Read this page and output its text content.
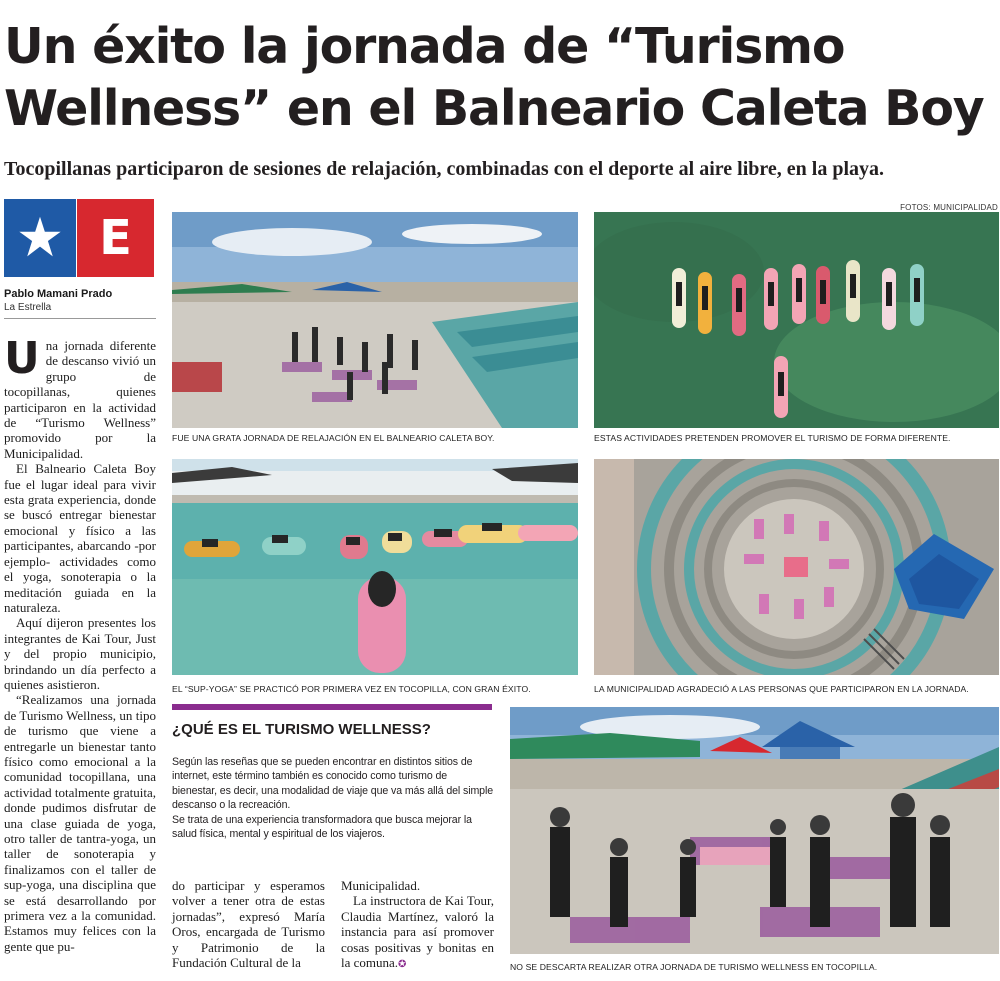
Un éxito la jornada de “Turismo Wellness” en el Balneario Caleta Boy
Tocopillanas participaron de sesiones de relajación, combinadas con el deporte al aire libre, en la playa.
FOTOS: MUNICIPALIDAD
E
Pablo Mamani Prado
La Estrella

Una jornada diferente de descanso vivió un grupo de tocopillanas, quienes participaron en la actividad de “Turismo Wellness” promovido por la Municipalidad.

El Balneario Caleta Boy fue el lugar ideal para vivir esta grata experiencia, donde se buscó entregar bienestar emocional y físico a las participantes, abarcando -por ejemplo- actividades como el yoga, sonoterapia o la meditación guiada en la naturaleza.

Aquí dijeron presentes los integrantes de Kai Tour, Just y del propio municipio, brindando un día perfecto a quienes asistieron.

“Realizamos una jornada de Turismo Wellness, un tipo de turismo que viene a entregarle un bienestar tanto físico como emocional a la comunidad tocopillana, una actividad totalmente gratuita, donde pudimos disfrutar de una clase guiada de yoga, otro taller de tantra-yoga, un taller de sonoterapia y finalizamos con el taller de sup-yoga, una disciplina que se está desarrollando por primera vez a la comunidad. Estamos muy felices con la gente que pu-

FUE UNA GRATA JORNADA DE RELAJACIÓN EN EL BALNEARIO CALETA BOY.	ESTAS ACTIVIDADES PRETENDEN PROMOVER EL TURISMO DE FORMA DIFERENTE.
EL “SUP-YOGA” SE PRACTICÓ POR PRIMERA VEZ EN TOCOPILLA, CON GRAN ÉXITO.	LA MUNICIPALIDAD AGRADECIÓ A LAS PERSONAS QUE PARTICIPARON EN LA JORNADA.
¿QUÉ ES EL TURISMO WELLNESS?

Según las reseñas que se pueden encontrar en distintos sitios de internet, este término también es conocido como turismo de bienestar, es decir, una modalidad de viaje que va más allá del simple descanso o la recreación.

Se trata de una experiencia transformadora que busca mejorar la salud física, mental y espiritual de los viajeros.

do participar y esperamos volver a tener otra de estas jornadas”, expresó María Oros, encargada de Turismo y Patrimonio de la Fundación Cultural de la

Municipalidad.

La instructora de Kai Tour, Claudia Martínez, valoró la instancia para así promover cosas positivas y bonitas en la comuna.✪	NO SE DESCARTA REALIZAR OTRA JORNADA DE TURISMO WELLNESS EN TOCOPILLA.
